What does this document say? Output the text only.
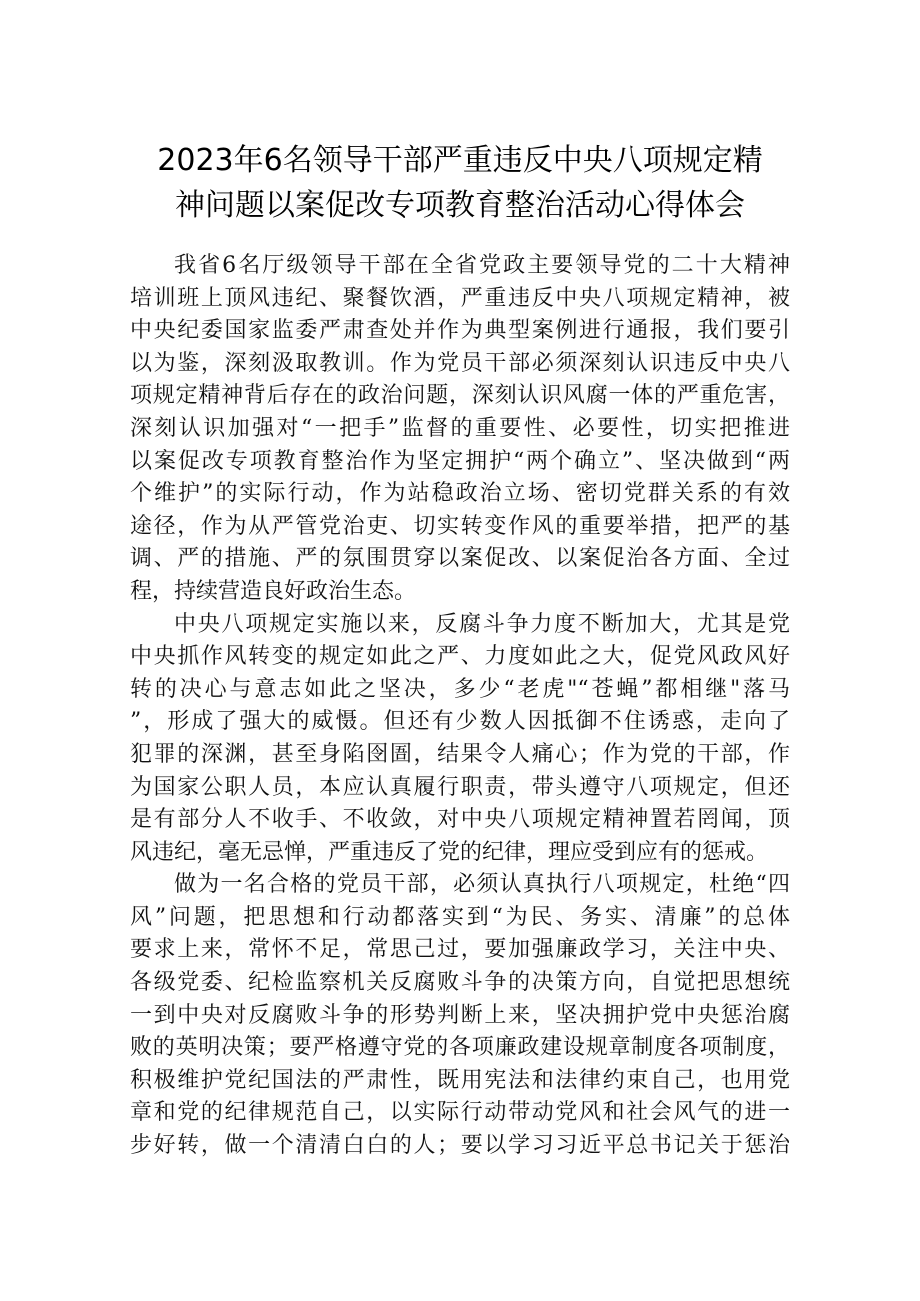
2023年6名领导干部严重违反中央八项规定精
神问题以案促改专项教育整治活动心得体会
我省6名厅级领导干部在全省党政主要领导党的二十大精神
培训班上顶风违纪、聚餐饮酒，严重违反中央八项规定精神，被
中央纪委国家监委严肃查处并作为典型案例进行通报，我们要引
以为鉴，深刻汲取教训。作为党员干部必须深刻认识违反中央八
项规定精神背后存在的政治问题，深刻认识风腐一体的严重危害，
深刻认识加强对“一把手”监督的重要性、必要性，切实把推进
以案促改专项教育整治作为坚定拥护“两个确立”、坚决做到“两
个维护”的实际行动，作为站稳政治立场、密切党群关系的有效
途径，作为从严管党治吏、切实转变作风的重要举措，把严的基
调、严的措施、严的氛围贯穿以案促改、以案促治各方面、全过
程，持续营造良好政治生态。
中央八项规定实施以来，反腐斗争力度不断加大，尤其是党
中央抓作风转变的规定如此之严、力度如此之大，促党风政风好
转的决心与意志如此之坚决，多少“老虎"“苍蝇”都相继"落马
”，形成了强大的威慑。但还有少数人因抵御不住诱惑，走向了
犯罪的深渊，甚至身陷囹圄，结果令人痛心；作为党的干部，作
为国家公职人员，本应认真履行职责，带头遵守八项规定，但还
是有部分人不收手、不收敛，对中央八项规定精神置若罔闻，顶
风违纪，毫无忌惮，严重违反了党的纪律，理应受到应有的惩戒。
做为一名合格的党员干部，必须认真执行八项规定，杜绝“四
风”问题，把思想和行动都落实到“为民、务实、清廉”的总体
要求上来，常怀不足，常思己过，要加强廉政学习，关注中央、
各级党委、纪检监察机关反腐败斗争的决策方向，自觉把思想统
一到中央对反腐败斗争的形势判断上来，坚决拥护党中央惩治腐
败的英明决策；要严格遵守党的各项廉政建设规章制度各项制度，
积极维护党纪国法的严肃性，既用宪法和法律约束自己，也用党
章和党的纪律规范自己，以实际行动带动党风和社会风气的进一
步好转，做一个清清白白的人；要以学习习近平总书记关于惩治
